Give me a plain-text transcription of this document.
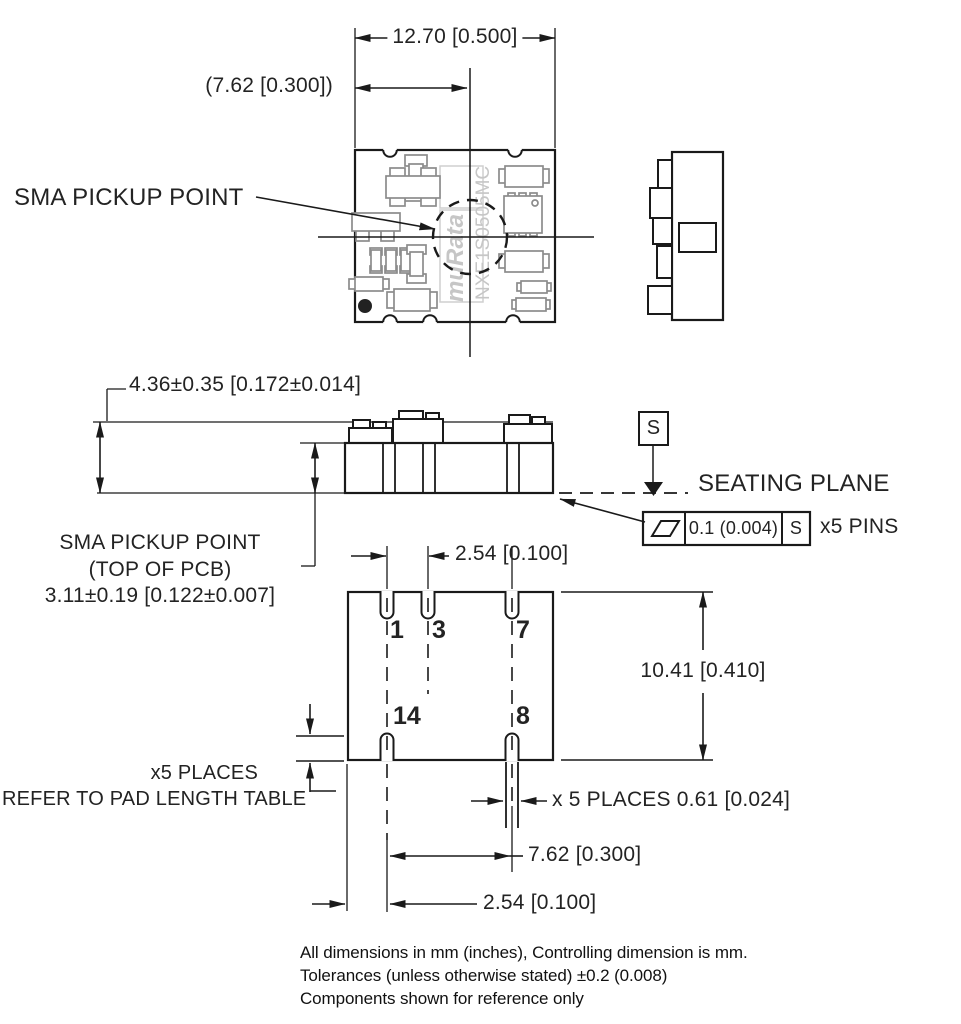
muRata NXE1S0505MC
12.70 [0.500]
(7.62 [0.300])
SMA PICKUP POINT
4.36±0.35 [0.172±0.014]
SEATING PLANE
S
0.1 (0.004) S x5 PINS
SMA PICKUP POINT
(TOP OF PCB)
3.11±0.19 [0.122±0.007]
2.54 [0.100]
10.41 [0.410]
1	3	7
14	8
x5 PLACES
REFER TO PAD LENGTH TABLE	x 5 PLACES 0.61 [0.024]
7.62 [0.300]
2.54 [0.100]
All dimensions in mm (inches), Controlling dimension is mm.
Tolerances (unless otherwise stated) ±0.2 (0.008)
Components shown for reference only
